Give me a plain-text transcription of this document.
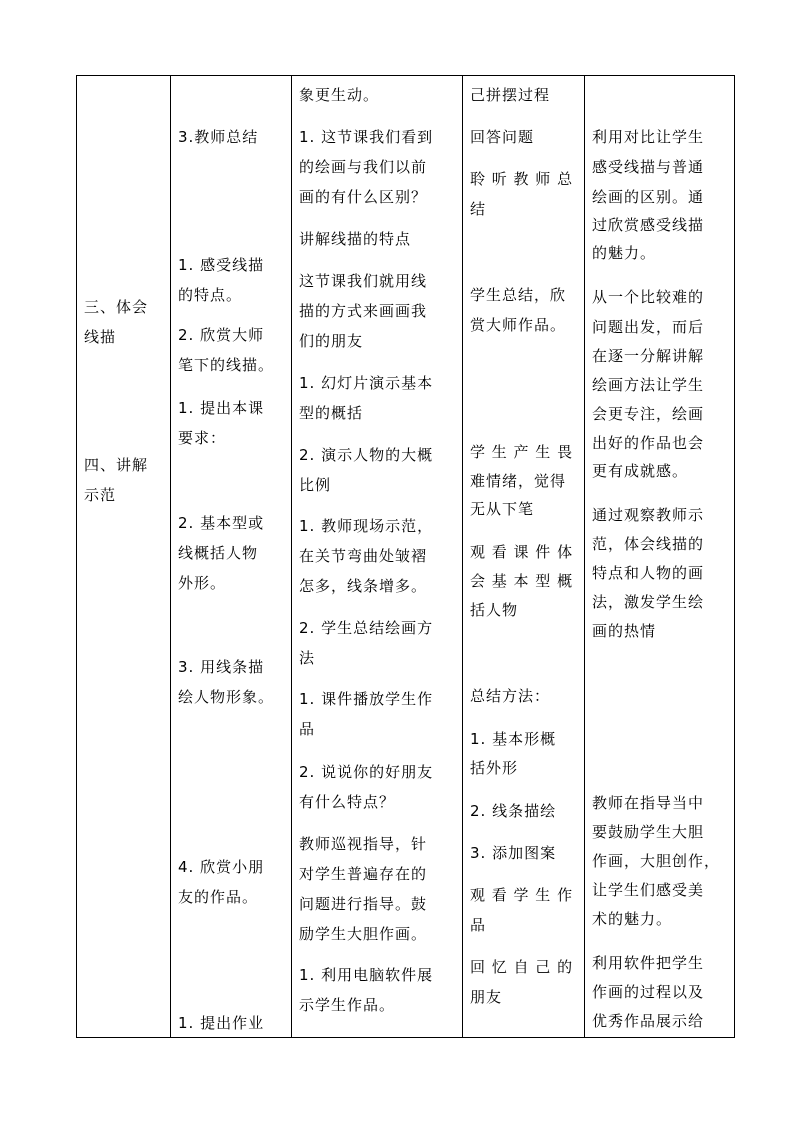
三、体会
线描
四、讲解
示范
3.教师总结
1. 感受线描
的特点。
2. 欣赏大师
笔下的线描。
1. 提出本课
要求：
2. 基本型或
线概括人物
外形。
3. 用线条描
绘人物形象。
4. 欣赏小朋
友的作品。
1. 提出作业
象更生动。
1. 这节课我们看到
的绘画与我们以前
画的有什么区别？
讲解线描的特点
这节课我们就用线
描的方式来画画我
们的朋友
1. 幻灯片演示基本
型的概括
2. 演示人物的大概
比例
1. 教师现场示范，
在关节弯曲处皱褶
怎多，线条增多。
2. 学生总结绘画方
法
1. 课件播放学生作
品
2. 说说你的好朋友
有什么特点？
教师巡视指导，针
对学生普遍存在的
问题进行指导。鼓
励学生大胆作画。
1. 利用电脑软件展
示学生作品。
己拼摆过程
回答问题
聆 听 教 师 总
结
学生总结，欣
赏大师作品。
学 生 产 生 畏
难情绪，觉得
无从下笔
观 看 课 件 体
会 基 本 型 概
括人物
总结方法：
1. 基本形概
括外形
2. 线条描绘
3. 添加图案
观 看 学 生 作
品
回 忆 自 己 的
朋友
利用对比让学生
感受线描与普通
绘画的区别。通
过欣赏感受线描
的魅力。
从一个比较难的
问题出发，而后
在逐一分解讲解
绘画方法让学生
会更专注，绘画
出好的作品也会
更有成就感。
通过观察教师示
范，体会线描的
特点和人物的画
法，激发学生绘
画的热情
教师在指导当中
要鼓励学生大胆
作画，大胆创作，
让学生们感受美
术的魅力。
利用软件把学生
作画的过程以及
优秀作品展示给
